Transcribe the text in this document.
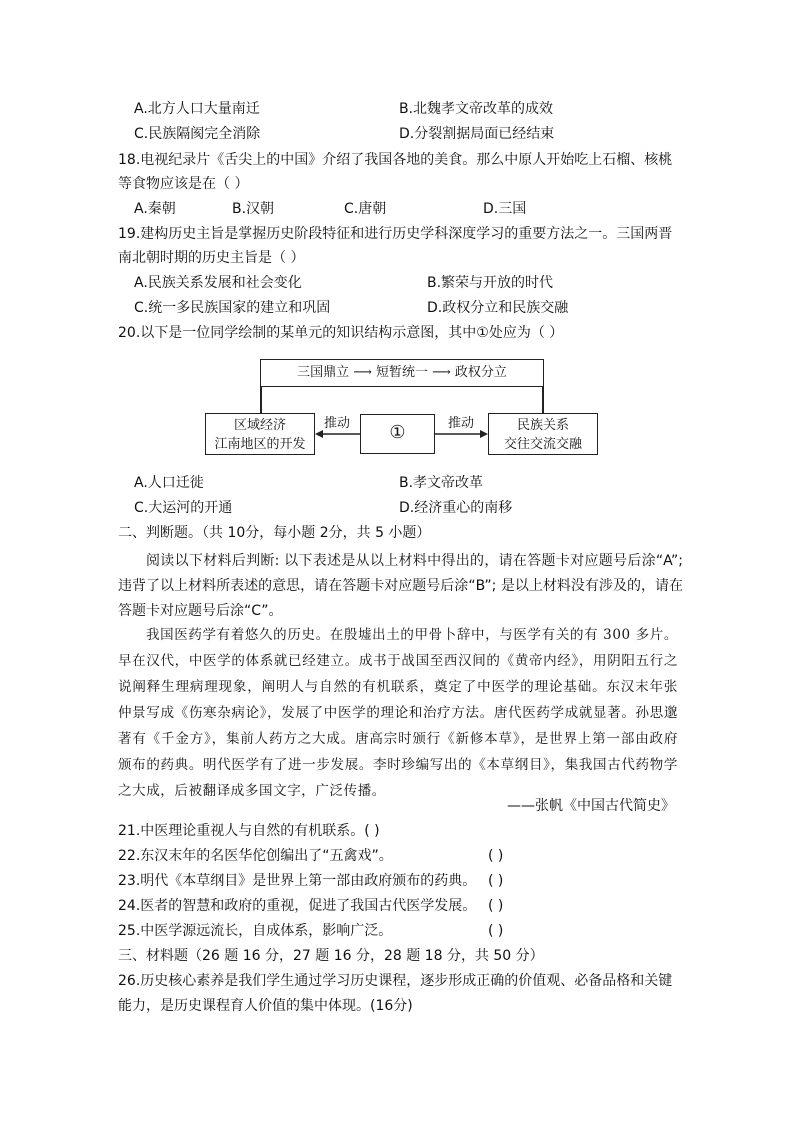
A.北方人口大量南迁	B.北魏孝文帝改革的成效
C.民族隔阂完全消除	D.分裂割据局面已经结束
18.电视纪录片《舌尖上的中国》介绍了我国各地的美食。那么中原人开始吃上石榴、核桃
等食物应该是在（ ）
A.秦朝	B.汉朝	C.唐朝	D.三国
19.建构历史主旨是掌握历史阶段特征和进行历史学科深度学习的重要方法之一。三国两晋
南北朝时期的历史主旨是（ ）
A.民族关系发展和社会变化	B.繁荣与开放的时代
C.统一多民族国家的建立和巩固	D.政权分立和民族交融
20.以下是一位同学绘制的某单元的知识结构示意图，其中①处应为（ ）
三国鼎立 ⟶ 短暂统一 ⟶ 政权分立
区域经济
江南地区的开发
①	民族关系
交往交流交融
推动	推动
A.人口迁徙	B.孝文帝改革
C.大运河的开通	D.经济重心的南移
二、判断题。（共 10分，每小题 2分，共 5 小题）
阅读以下材料后判断: 以下表述是从以上材料中得出的，请在答题卡对应题号后涂“A”; 违背了以上材料所表述的意思，请在答题卡对应题号后涂“B”; 是以上材料没有涉及的，请在答题卡对应题号后涂“C”。
我国医药学有着悠久的历史。在殷墟出土的甲骨卜辞中，与医学有关的有 300 多片。早在汉代，中医学的体系就已经建立。成书于战国至西汉间的《黄帝内经》，用阴阳五行之说阐释生理病理现象，阐明人与自然的有机联系，奠定了中医学的理论基础。东汉末年张仲景写成《伤寒杂病论》，发展了中医学的理论和治疗方法。唐代医药学成就显著。孙思邈著有《千金方》，集前人药方之大成。唐高宗时颁行《新修本草》，是世界上第一部由政府颁布的药典。明代医学有了进一步发展。李时珍编写出的《本草纲目》，集我国古代药物学之大成，后被翻译成多国文字，广泛传播。
——张帆《中国古代简史》
21.中医理论重视人与自然的有机联系。( )
22.东汉末年的名医华佗创编出了“五禽戏”。	( )
23.明代《本草纲目》是世界上第一部由政府颁布的药典。 ( )
24.医者的智慧和政府的重视，促进了我国古代医学发展。 ( )
25.中医学源远流长，自成体系，影响广泛。	( )
三、材料题（26 题 16 分，27 题 16 分，28 题 18 分，共 50 分）
26.历史核心素养是我们学生通过学习历史课程，逐步形成正确的价值观、必备品格和关键
能力，是历史课程育人价值的集中体现。(16分)
